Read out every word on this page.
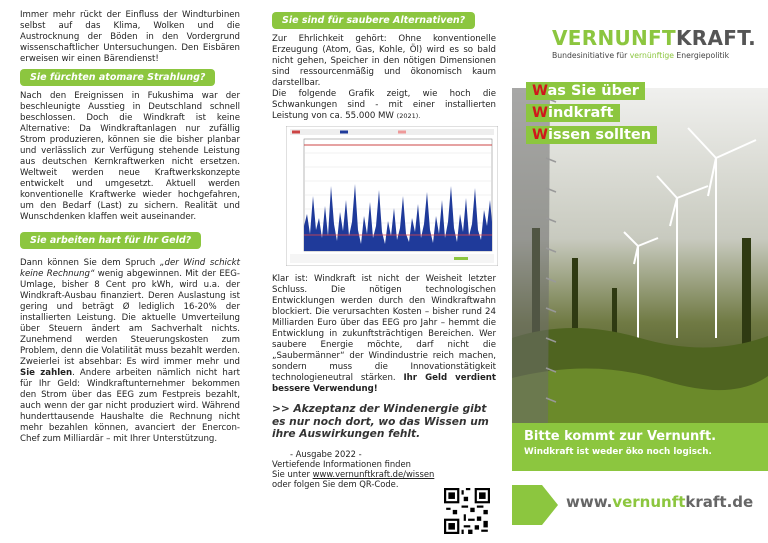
Immer mehr rückt der Einfluss der Windturbinen selbst auf das Klima, Wolken und die Austrocknung der Böden in den Vordergrund wissenschaftlicher Untersuchungen. Den Eisbären erweisen wir einen Bärendienst!

Sie fürchten atomare Strahlung?

Nach den Ereignissen in Fukushima war der beschleunigte Ausstieg in Deutschland schnell beschlossen. Doch die Windkraft ist keine Alternative: Da Windkraftanlagen nur zufällig Strom produzieren, können sie die bisher planbar und verlässlich zur Verfügung stehende Leistung aus deutschen Kernkraftwerken nicht ersetzen. Weltweit werden neue Kraftwerkskonzepte entwickelt und umgesetzt. Aktuell werden konventionelle Kraftwerke wieder hochgefahren, um den Bedarf (Last) zu sichern. Realität und Wunschdenken klaffen weit auseinander.

Sie arbeiten hart für Ihr Geld?

Dann können Sie dem Spruch „der Wind schickt keine Rechnung“ wenig abgewinnen. Mit der EEG-Umlage, bisher 8 Cent pro kWh, wird u.a. der Windkraft-Ausbau finanziert. Deren Auslastung ist gering und beträgt Ø lediglich 16-20% der installierten Leistung. Die aktuelle Umverteilung über Steuern ändert am Sachverhalt nichts. Zunehmend werden Steuerungskosten zum Problem, denn die Volatilität muss bezahlt werden. Zweierlei ist absehbar: Es wird immer mehr und Sie zahlen. Andere arbeiten nämlich nicht hart für Ihr Geld: Windkraftunternehmer bekommen den Strom über das EEG zum Festpreis bezahlt, auch wenn der gar nicht produziert wird. Während hunderttausende Haushalte die Rechnung nicht mehr bezahlen können, avanciert der Enercon-Chef zum Milliardär – mit Ihrer Unterstützung.

Sie sind für saubere Alternativen?

Zur Ehrlichkeit gehört: Ohne konventionelle Erzeugung (Atom, Gas, Kohle, Öl) wird es so bald nicht gehen, Speicher in den nötigen Dimensionen sind ressourcenmäßig und ökonomisch kaum darstellbar.

Die folgende Grafik zeigt, wie hoch die Schwankungen sind - mit einer installierten Leistung von ca. 55.000 MW (2021).

Klar ist: Windkraft ist nicht der Weisheit letzter Schluss. Die nötigen technologischen Entwicklungen werden durch den Windkraftwahn blockiert. Die verursachten Kosten – bisher rund 24 Milliarden Euro über das EEG pro Jahr – hemmt die Entwicklung in zukunftsträchtigen Bereichen. Wer saubere Energie möchte, darf nicht die „Saubermänner“ der Windindustrie reich machen, sondern muss die Innovationstätigkeit technologieneutral stärken. Ihr Geld verdient bessere Verwendung!

>> Akzeptanz der Windenergie gibt es nur noch dort, wo das Wissen um ihre Auswirkungen fehlt.
- Ausgabe 2022 -
Vertiefende Informationen finden
Sie unter www.vernunftkraft.de/wissen
oder folgen Sie dem QR-Code.
VERNUNFTKRAFT.
Bundesinitiative für vernünftige Energiepolitik
Was Sie über
Windkraft
Wissen sollten
Bitte kommt zur Vernunft.
Windkraft ist weder öko noch logisch.
www.vernunftkraft.de
